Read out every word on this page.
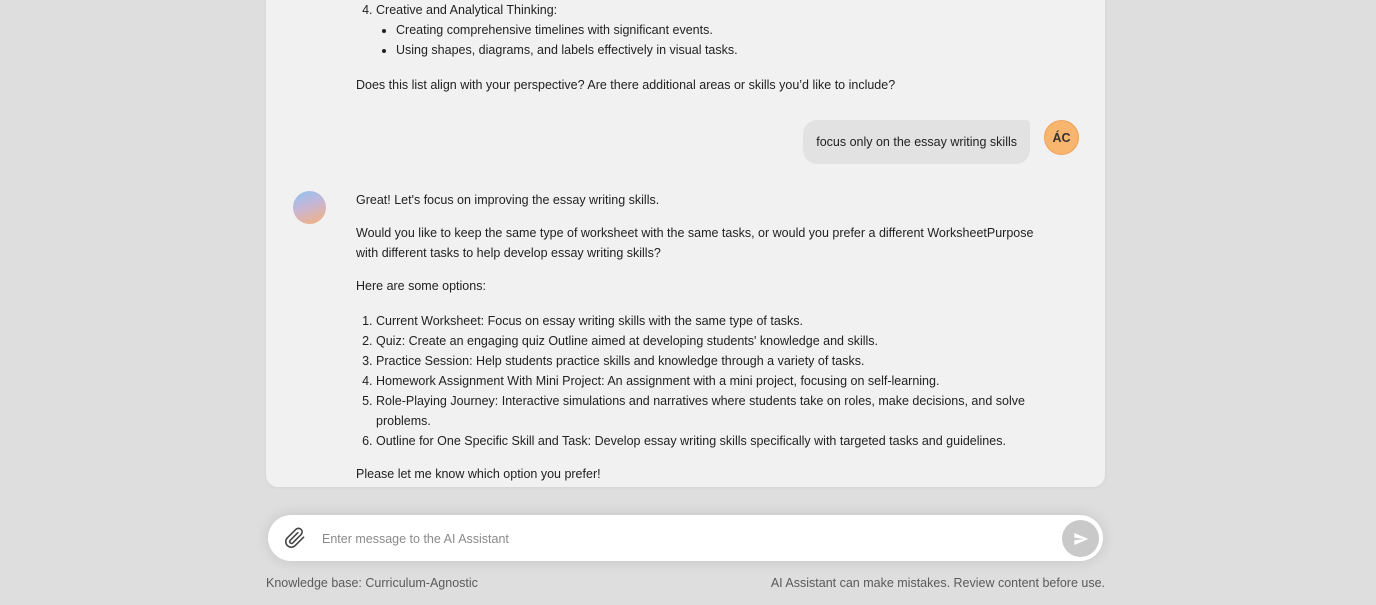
4. Creative and Analytical Thinking:
• Creating comprehensive timelines with significant events.
• Using shapes, diagrams, and labels effectively in visual tasks.

Does this list align with your perspective? Are there additional areas or skills you’d like to include?

focus only on the essay writing skills	ÁC

Great! Let's focus on improving the essay writing skills.

Would you like to keep the same type of worksheet with the same tasks, or would you prefer a different WorksheetPurpose with different tasks to help develop essay writing skills?

Here are some options:

1. Current Worksheet: Focus on essay writing skills with the same type of tasks.
2. Quiz: Create an engaging quiz Outline aimed at developing students' knowledge and skills.
3. Practice Session: Help students practice skills and knowledge through a variety of tasks.
4. Homework Assignment With Mini Project: An assignment with a mini project, focusing on self-learning.
5. Role-Playing Journey: Interactive simulations and narratives where students take on roles, make decisions, and solve problems.
6. Outline for One Specific Skill and Task: Develop essay writing skills specifically with targeted tasks and guidelines.

Please let me know which option you prefer!

Enter message to the AI Assistant
Knowledge base: Curriculum-Agnostic	AI Assistant can make mistakes. Review content before use.
